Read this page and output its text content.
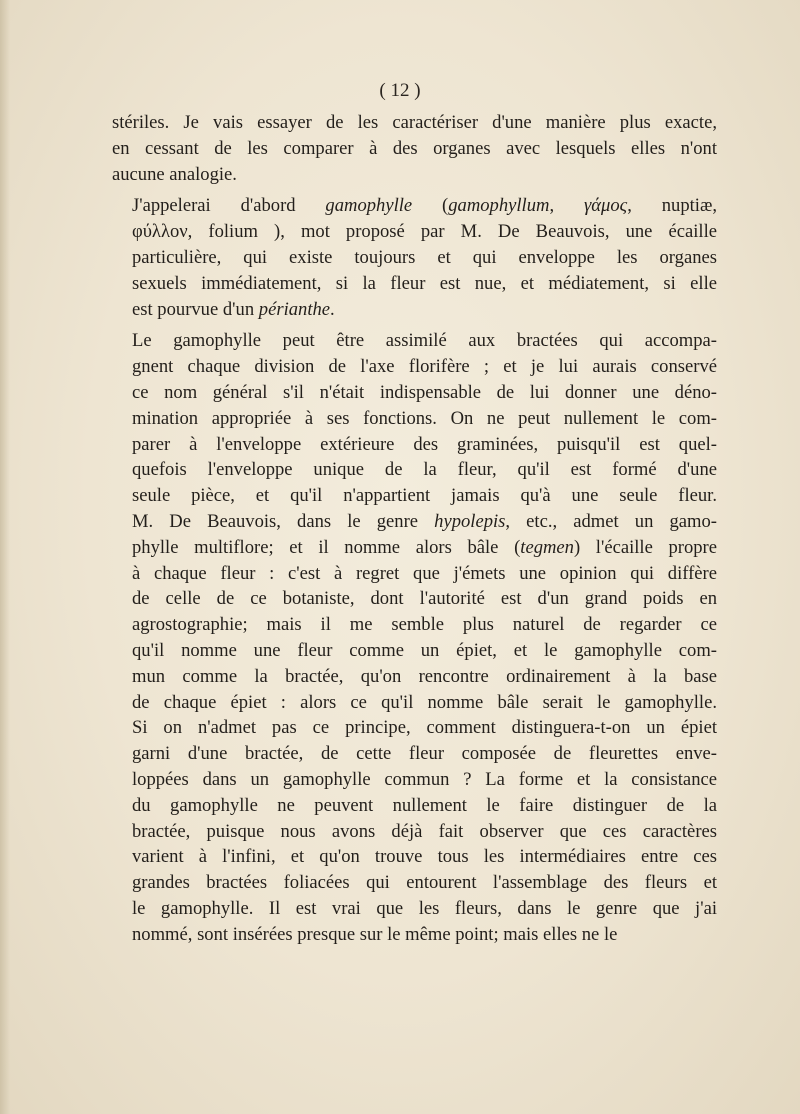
( 12 )
stériles. Je vais essayer de les caractériser d'une manière plus exacte,
en cessant de les comparer à des organes avec lesquels elles n'ont
aucune analogie.
J'appelerai d'abord gamophylle (gamophyllum, γάμος, nuptiæ,
φύλλον, folium ), mot proposé par M. De Beauvois, une écaille
particulière, qui existe toujours et qui enveloppe les organes
sexuels immédiatement, si la fleur est nue, et médiatement, si elle
est pourvue d'un périanthe.
Le gamophylle peut être assimilé aux bractées qui accompa-
gnent chaque division de l'axe florifère ; et je lui aurais conservé
ce nom général s'il n'était indispensable de lui donner une déno-
mination appropriée à ses fonctions. On ne peut nullement le com-
parer à l'enveloppe extérieure des graminées, puisqu'il est quel-
quefois l'enveloppe unique de la fleur, qu'il est formé d'une
seule pièce, et qu'il n'appartient jamais qu'à une seule fleur.
M. De Beauvois, dans le genre hypolepis, etc., admet un gamo-
phylle multiflore; et il nomme alors bâle (tegmen) l'écaille propre
à chaque fleur : c'est à regret que j'émets une opinion qui diffère
de celle de ce botaniste, dont l'autorité est d'un grand poids en
agrostographie; mais il me semble plus naturel de regarder ce
qu'il nomme une fleur comme un épiet, et le gamophylle com-
mun comme la bractée, qu'on rencontre ordinairement à la base
de chaque épiet : alors ce qu'il nomme bâle serait le gamophylle.
Si on n'admet pas ce principe, comment distinguera-t-on un épiet
garni d'une bractée, de cette fleur composée de fleurettes enve-
loppées dans un gamophylle commun ? La forme et la consistance
du gamophylle ne peuvent nullement le faire distinguer de la
bractée, puisque nous avons déjà fait observer que ces caractères
varient à l'infini, et qu'on trouve tous les intermédiaires entre ces
grandes bractées foliacées qui entourent l'assemblage des fleurs et
le gamophylle. Il est vrai que les fleurs, dans le genre que j'ai
nommé, sont insérées presque sur le même point; mais elles ne le
